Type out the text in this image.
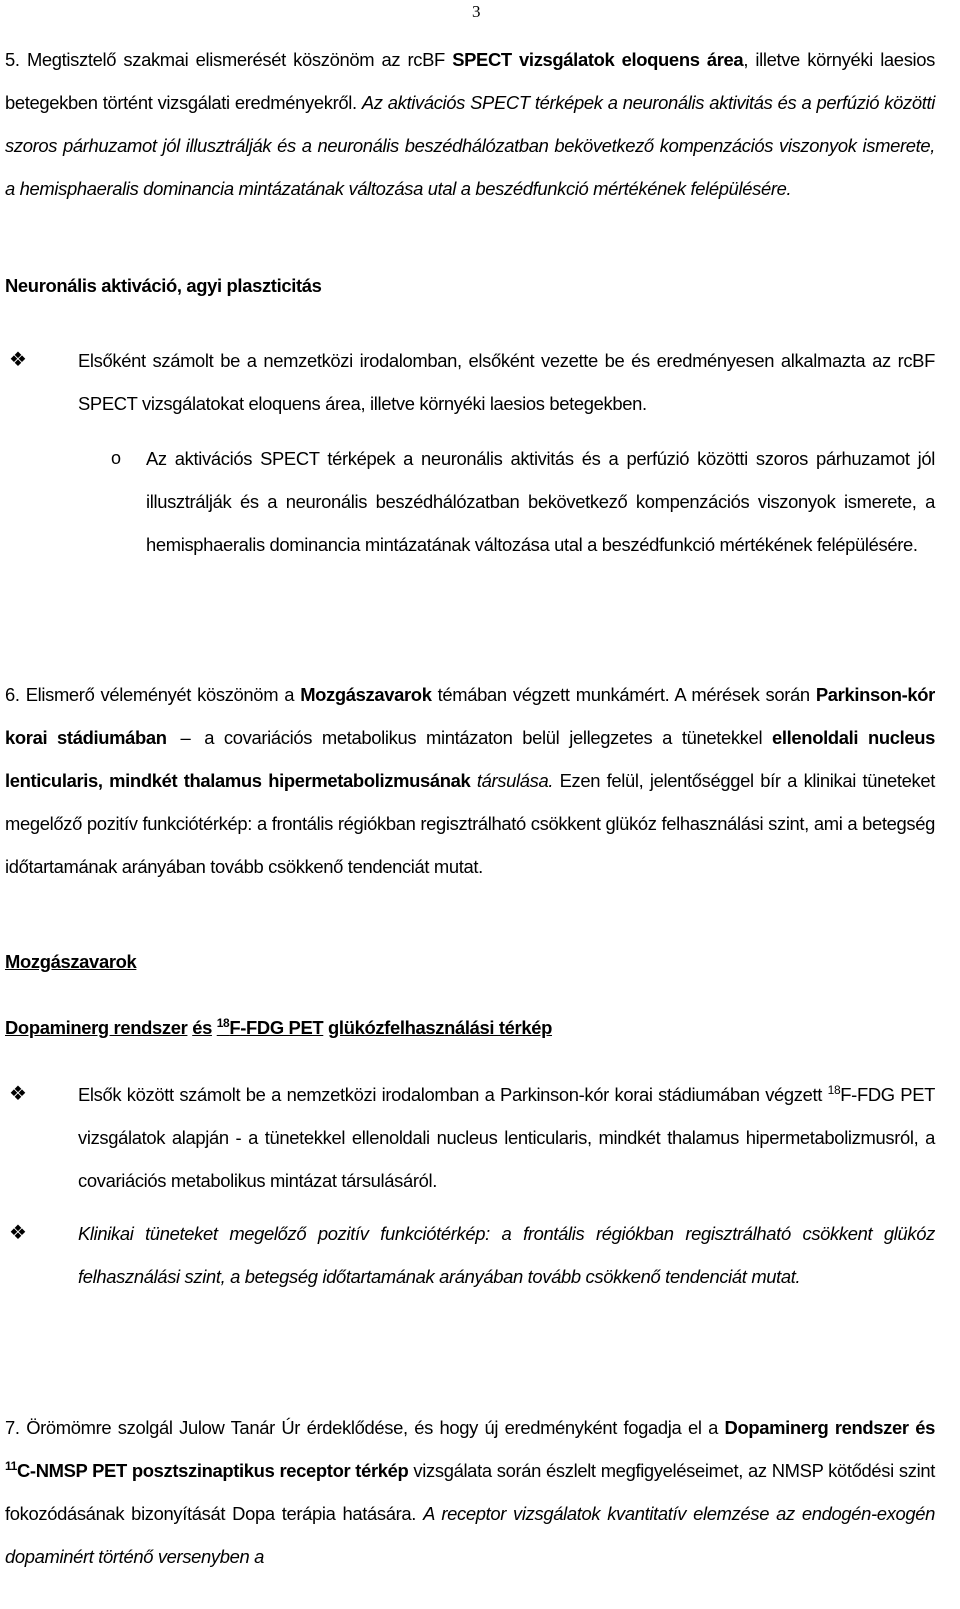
3

5. Megtisztelő szakmai elismerését köszönöm az rcBF SPECT vizsgálatok eloquens área, illetve környéki laesios betegekben történt vizsgálati eredményekről. Az aktivációs SPECT térképek a neuronális aktivitás és a perfúzió közötti szoros párhuzamot jól illusztrálják és a neuronális beszédhálózatban bekövetkező kompenzációs viszonyok ismerete, a hemisphaeralis dominancia mintázatának változása utal a beszédfunkció mértékének felépülésére.

Neuronális aktiváció, agyi plaszticitás
❖	Elsőként számolt be a nemzetközi irodalomban, elsőként vezette be és eredményesen alkalmazta az rcBF SPECT vizsgálatokat eloquens área, illetve környéki laesios betegekben.

o Az aktivációs SPECT térképek a neuronális aktivitás és a perfúzió közötti szoros párhuzamot jól illusztrálják és a neuronális beszédhálózatban bekövetkező kompenzációs viszonyok ismerete, a hemisphaeralis dominancia mintázatának változása utal a beszédfunkció mértékének felépülésére.

6. Elismerő véleményét köszönöm a Mozgászavarok témában végzett munkámért. A mérések során Parkinson-kór korai stádiumában – a covariációs metabolikus mintázaton belül jellegzetes a tünetekkel ellenoldali nucleus lenticularis, mindkét thalamus hipermetabolizmusának társulása. Ezen felül, jelentőséggel bír a klinikai tüneteket megelőző pozitív funkciótérkép: a frontális régiókban regisztrálható csökkent glükóz felhasználási szint, ami a betegség időtartamának arányában tovább csökkenő tendenciát mutat.

Mozgászavarok
Dopaminerg rendszer és $^{18}$F-FDG PET glükózfelhasználási térkép
❖	Elsők között számolt be a nemzetközi irodalomban a Parkinson-kór korai stádiumában végzett $^{18}$F-FDG PET vizsgálatok alapján - a tünetekkel ellenoldali nucleus lenticularis, mindkét thalamus hipermetabolizmusról, a covariációs metabolikus mintázat társulásáról.

❖	Klinikai tüneteket megelőző pozitív funkciótérkép: a frontális régiókban regisztrálható csökkent glükóz felhasználási szint, a betegség időtartamának arányában tovább csökkenő tendenciát mutat.

7. Örömömre szolgál Julow Tanár Úr érdeklődése, és hogy új eredményként fogadja el a Dopaminerg rendszer és $^{11}$C-NMSP PET posztszinaptikus receptor térkép vizsgálata során észlelt megfigyeléseimet, az NMSP kötődési szint fokozódásának bizonyítását Dopa terápia hatására. A receptor vizsgálatok kvantitatív elemzése az endogén-exogén dopaminért történő versenyben a
